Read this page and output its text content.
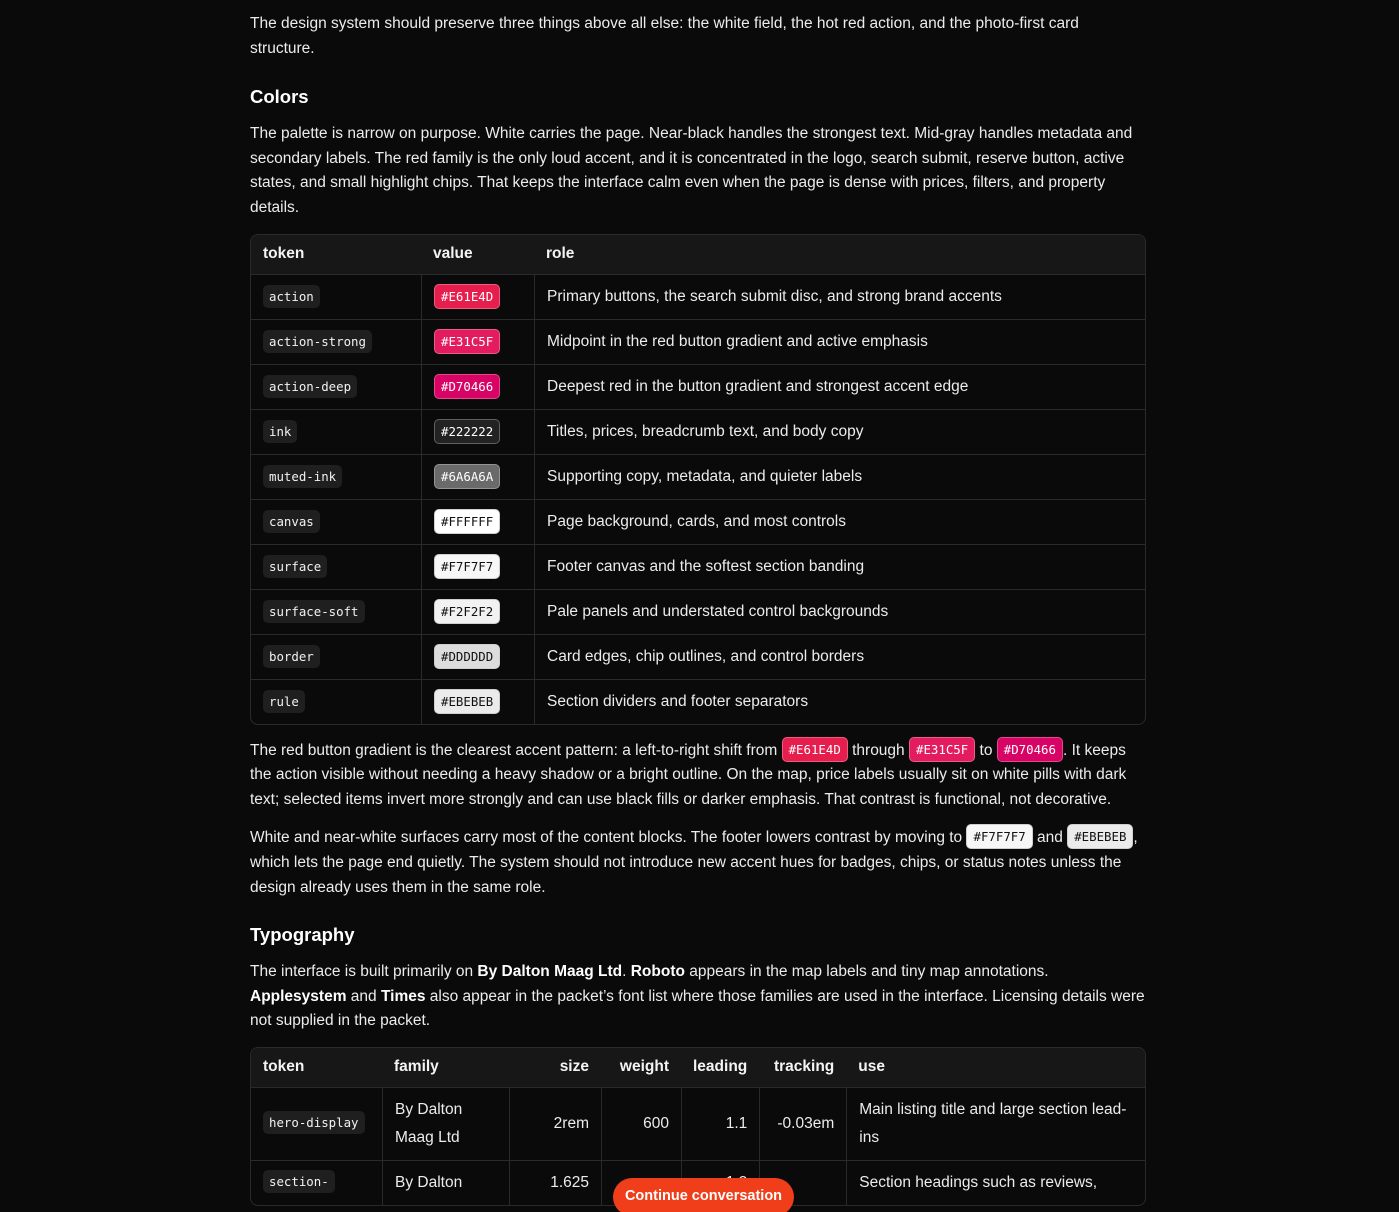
The design system should preserve three things above all else: the white field, the hot red action, and the photo-first card structure.

Colors

The palette is narrow on purpose. White carries the page. Near-black handles the strongest text. Mid-gray handles metadata and secondary labels. The red family is the only loud accent, and it is concentrated in the logo, search submit, reserve button, active states, and small highlight chips. That keeps the interface calm even when the page is dense with prices, filters, and property details.

token	value	role
action	#E61E4D	Primary buttons, the search submit disc, and strong brand accents
action-strong	#E31C5F	Midpoint in the red button gradient and active emphasis
action-deep	#D70466	Deepest red in the button gradient and strongest accent edge
ink	#222222	Titles, prices, breadcrumb text, and body copy
muted-ink	#6A6A6A	Supporting copy, metadata, and quieter labels
canvas	#FFFFFF	Page background, cards, and most controls
surface	#F7F7F7	Footer canvas and the softest section banding
surface-soft	#F2F2F2	Pale panels and understated control backgrounds
border	#DDDDDD	Card edges, chip outlines, and control borders
rule	#EBEBEB	Section dividers and footer separators

The red button gradient is the clearest accent pattern: a left-to-right shift from #E61E4D through #E31C5F to #D70466 . It keeps the action visible without needing a heavy shadow or a bright outline. On the map, price labels usually sit on white pills with dark text; selected items invert more strongly and can use black fills or darker emphasis. That contrast is functional, not decorative.

White and near-white surfaces carry most of the content blocks. The footer lowers contrast by moving to #F7F7F7 and #EBEBEB , which lets the page end quietly. The system should not introduce new accent hues for badges, chips, or status notes unless the design already uses them in the same role.

Typography

The interface is built primarily on By Dalton Maag Ltd. Roboto appears in the map labels and tiny map annotations. Applesystem and Times also appear in the packet’s font list where those families are used in the interface. Licensing details were not supplied in the packet.

token	family	size	weight	leading	tracking	use
hero-display	By Dalton Maag Ltd	2rem	600	1.1	-0.03em	Main listing title and large section lead-ins
section-	By Dalton	1.625				Section headings such as reviews,
Continue conversation
